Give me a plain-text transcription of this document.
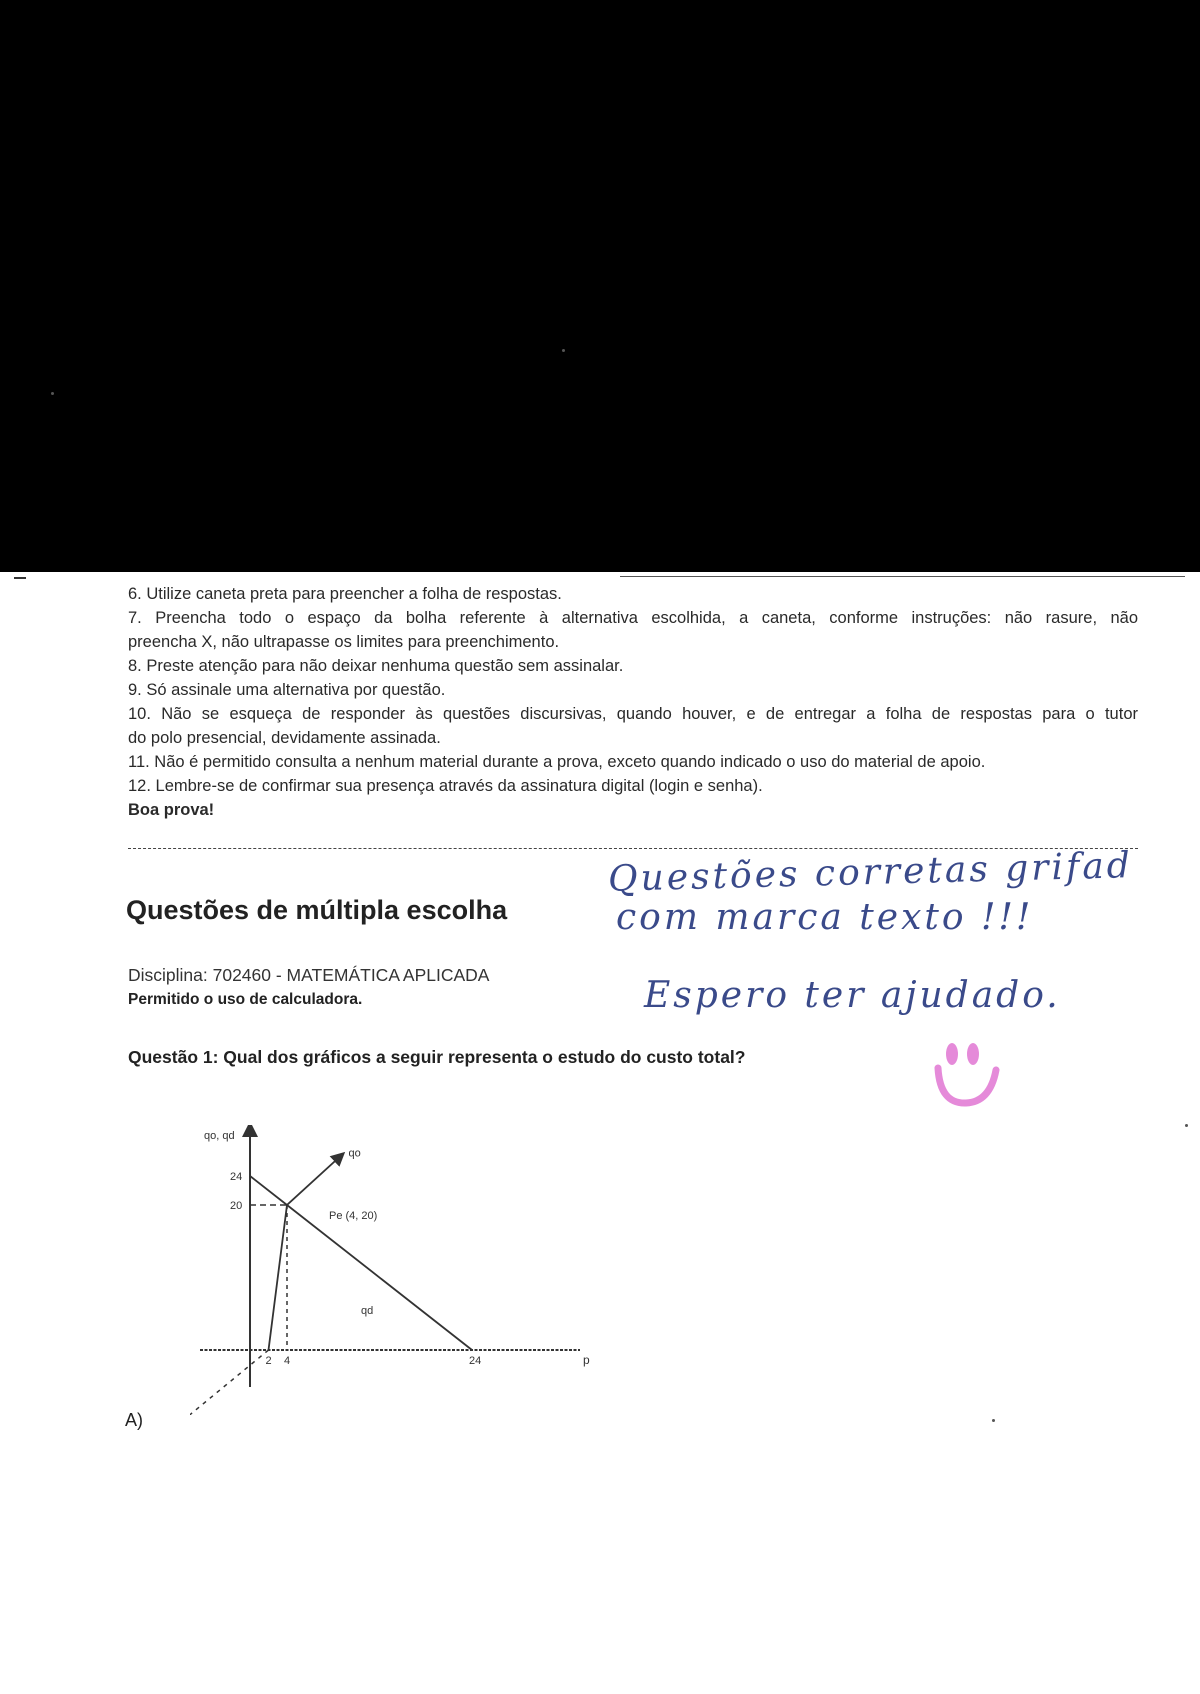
6. Utilize caneta preta para preencher a folha de respostas.

7. Preencha todo o espaço da bolha referente à alternativa escolhida, a caneta, conforme instruções: não rasure, não

preencha X, não ultrapasse os limites para preenchimento.

8. Preste atenção para não deixar nenhuma questão sem assinalar.

9. Só assinale uma alternativa por questão.

10. Não se esqueça de responder às questões discursivas, quando houver, e de entregar a folha de respostas para o tutor

do polo presencial, devidamente assinada.

11. Não é permitido consulta a nenhum material durante a prova, exceto quando indicado o uso do material de apoio.

12. Lembre-se de confirmar sua presença através da assinatura digital (login e senha).

Boa prova!

Questões de múltipla escolha
Disciplina: 702460 - MATEMÁTICA APLICADA
Permitido o uso de calculadora.
Questão 1: Qual dos gráficos a seguir representa o estudo do custo total?
Questões corretas grifad
com marca texto !!!
Espero ter ajudado.
p
qo, qd
2 4	24
20
24
qo
qd
Pe (4, 20)
A)
